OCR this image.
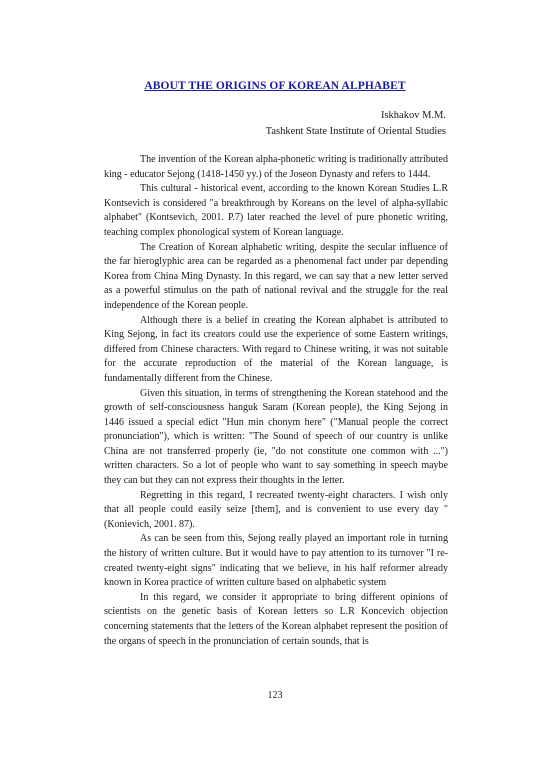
ABOUT THE ORIGINS OF KOREAN ALPHABET
Iskhakov M.M.
Tashkent State Institute of Oriental Studies

The invention of the Korean alpha-phonetic writing is traditionally attributed king - educator Sejong (1418-1450 yy.) of the Joseon Dynasty and refers to 1444.

This cultural - historical event, according to the known Korean Studies L.R Kontsevich is considered "a breakthrough by Koreans on the level of alpha-syllabic alphabet" (Kontsevich, 2001. P.7) later reached the level of pure phonetic writing, teaching complex phonological system of Korean language.

The Creation of Korean alphabetic writing, despite the secular influence of the far hieroglyphic area can be regarded as a phenomenal fact under par depending Korea from China Ming Dynasty. In this regard, we can say that a new letter served as a powerful stimulus on the path of national revival and the struggle for the real independence of the Korean people.

Although there is a belief in creating the Korean alphabet is attributed to King Sejong, in fact its creators could use the experience of some Eastern writings, differed from Chinese characters. With regard to Chinese writing, it was not suitable for the accurate reproduction of the material of the Korean language, is fundamentally different from the Chinese.

Given this situation, in terms of strengthening the Korean statehood and the growth of self-consciousness hanguk Saram (Korean people), the King Sejong in 1446 issued a special edict "Hun min chonym here" ("Manual people the correct pronunciation"), which is written: "The Sound of speech of our country is unlike China are not transferred properly (ie, "do not constitute one common with ...") written characters. So a lot of people who want to say something in speech maybe they can but they can not express their thoughts in the letter.

Regretting in this regard, I recreated twenty-eight characters. I wish only that all people could easily seize [them], and is convenient to use every day "(Konievich, 2001. 87).

As can be seen from this, Sejong really played an important role in turning the history of written culture. But it would have to pay attention to its turnover "I re-created twenty-eight signs" indicating that we believe, in his half reformer already known in Korea practice of written culture based on alphabetic system

In this regard, we consider it appropriate to bring different opinions of scientists on the genetic basis of Korean letters so L.R Koncevich objection concerning statements that the letters of the Korean alphabet represent the position of the organs of speech in the pronunciation of certain sounds, that is

123
